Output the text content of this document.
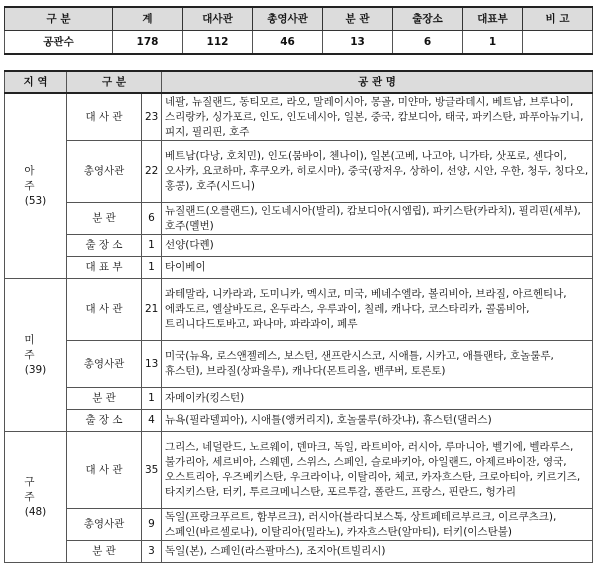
구 분	계	대사관	총영사관	분 관	출장소	대표부	비 고
공관수	178	112	46	13	6	1	
지 역	구 분		공 관 명

아 주
(53)	대 사 관	23	네팔, 뉴질랜드, 동티모르, 라오, 말레이시아, 몽골, 미얀마, 방글라데시, 베트남, 브루나이, 스리랑카, 싱가포르, 인도, 인도네시아, 일본, 중국, 캄보디아, 태국, 파키스탄, 파푸아뉴기니, 피지, 필리핀, 호주
	총영사관	22	베트남(다낭, 호치민), 인도(뭄바이, 첸나이), 일본(고베, 나고야, 니가타, 삿포로, 센다이, 오사카, 요코하마, 후쿠오카, 히로시마), 중국(광저우, 상하이, 선양, 시안, 우한, 청두, 칭다오, 홍콩), 호주(시드니)
	분 관	6	뉴질랜드(오클랜드), 인도네시아(발리), 캄보디아(시엠립), 파키스탄(카라치), 필리핀(세부), 호주(멜번)
	출 장 소	1	선양(다롄)
	대 표 부	1	타이베이

미 주
(39)	대 사 관	21	과테말라, 니카라과, 도미니카, 멕시코, 미국, 베네수엘라, 볼리비아, 브라질, 아르헨티나, 에콰도르, 엘살바도르, 온두라스, 우루과이, 칠레, 캐나다, 코스타리카, 콜롬비아, 트리니다드토바고, 파나마, 파라과이, 페루
	총영사관	13	미국(뉴욕, 로스앤젤레스, 보스턴, 샌프란시스코, 시애틀, 시카고, 애틀랜타, 호놀룰루, 휴스턴), 브라질(상파울루), 캐나다(몬트리올, 밴쿠버, 토론토)
	분 관	1	자메이카(킹스턴)
	출 장 소	4	뉴욕(필라델피아), 시애틀(앵커리지), 호놀룰루(하갓냐), 휴스턴(댈러스)

구 주
(48)	대 사 관	35	그리스, 네덜란드, 노르웨이, 덴마크, 독일, 라트비아, 러시아, 루마니아, 벨기에, 벨라루스, 불가리아, 세르비아, 스웨덴, 스위스, 스페인, 슬로바키아, 아일랜드, 아제르바이잔, 영국, 오스트리아, 우즈베키스탄, 우크라이나, 이탈리아, 체코, 카자흐스탄, 크로아티아, 키르기즈, 타지키스탄, 터키, 투르크메니스탄, 포르투갈, 폴란드, 프랑스, 핀란드, 헝가리
	총영사관	9	독일(프랑크푸르트, 함부르크), 러시아(블라디보스톡, 상트페테르부르크, 이르쿠츠크), 스페인(바르셀로나), 이탈리아(밀라노), 카자흐스탄(알마티), 터키(이스탄불)
	분 관	3	독일(본), 스페인(라스팔마스), 조지아(트빌리시)
